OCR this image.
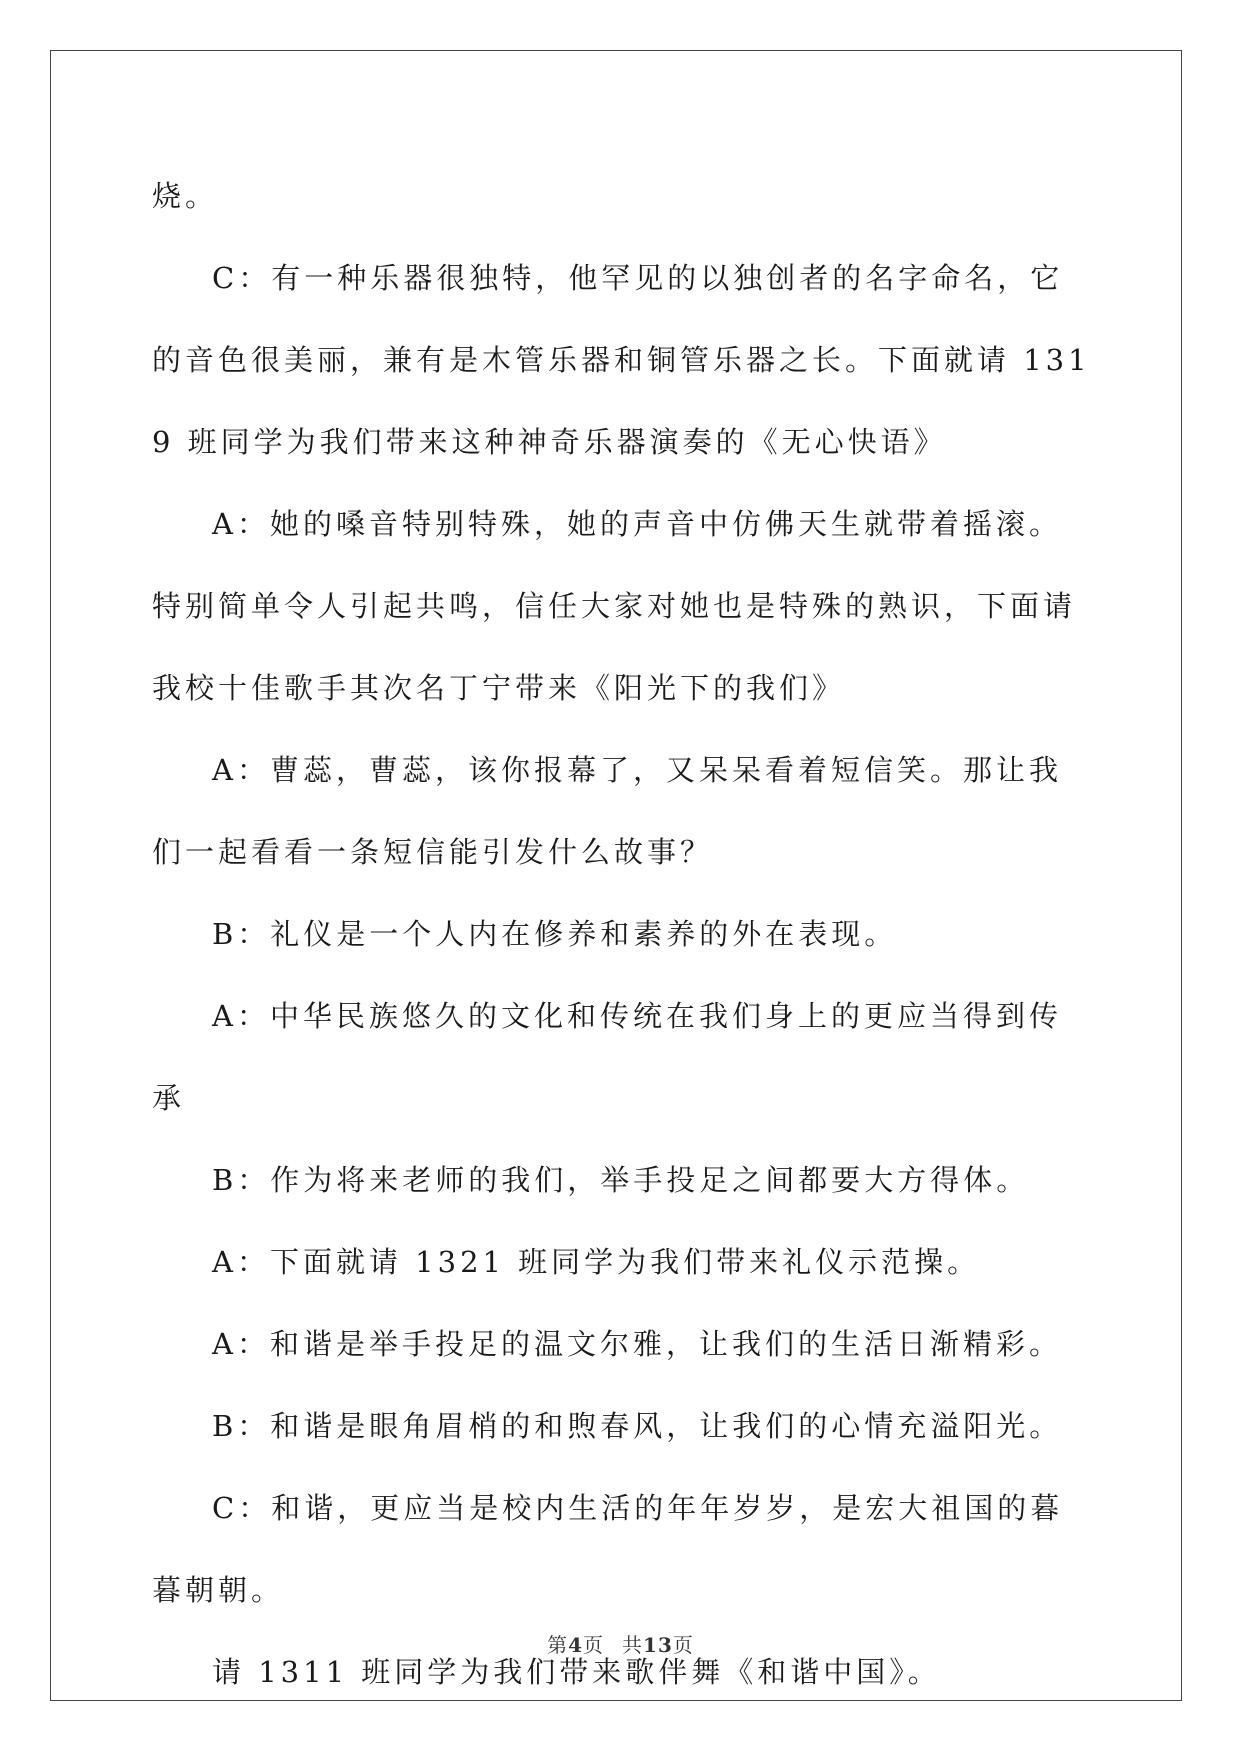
烧。

C：有一种乐器很独特，他罕见的以独创者的名字命名，它的音色很美丽，兼有是木管乐器和铜管乐器之长。下面就请 1319 班同学为我们带来这种神奇乐器演奏的《无心快语》

A：她的嗓音特别特殊，她的声音中仿佛天生就带着摇滚。特别简单令人引起共鸣，信任大家对她也是特殊的熟识，下面请我校十佳歌手其次名丁宁带来《阳光下的我们》

A：曹蕊，曹蕊，该你报幕了，又呆呆看着短信笑。那让我们一起看看一条短信能引发什么故事？

B：礼仪是一个人内在修养和素养的外在表现。

A：中华民族悠久的文化和传统在我们身上的更应当得到传承

B：作为将来老师的我们，举手投足之间都要大方得体。

A：下面就请 1321 班同学为我们带来礼仪示范操。

A：和谐是举手投足的温文尔雅，让我们的生活日渐精彩。

B：和谐是眼角眉梢的和煦春风，让我们的心情充溢阳光。

C：和谐，更应当是校内生活的年年岁岁，是宏大祖国的暮暮朝朝。

请 1311 班同学为我们带来歌伴舞《和谐中国》。

第4页 共13页
